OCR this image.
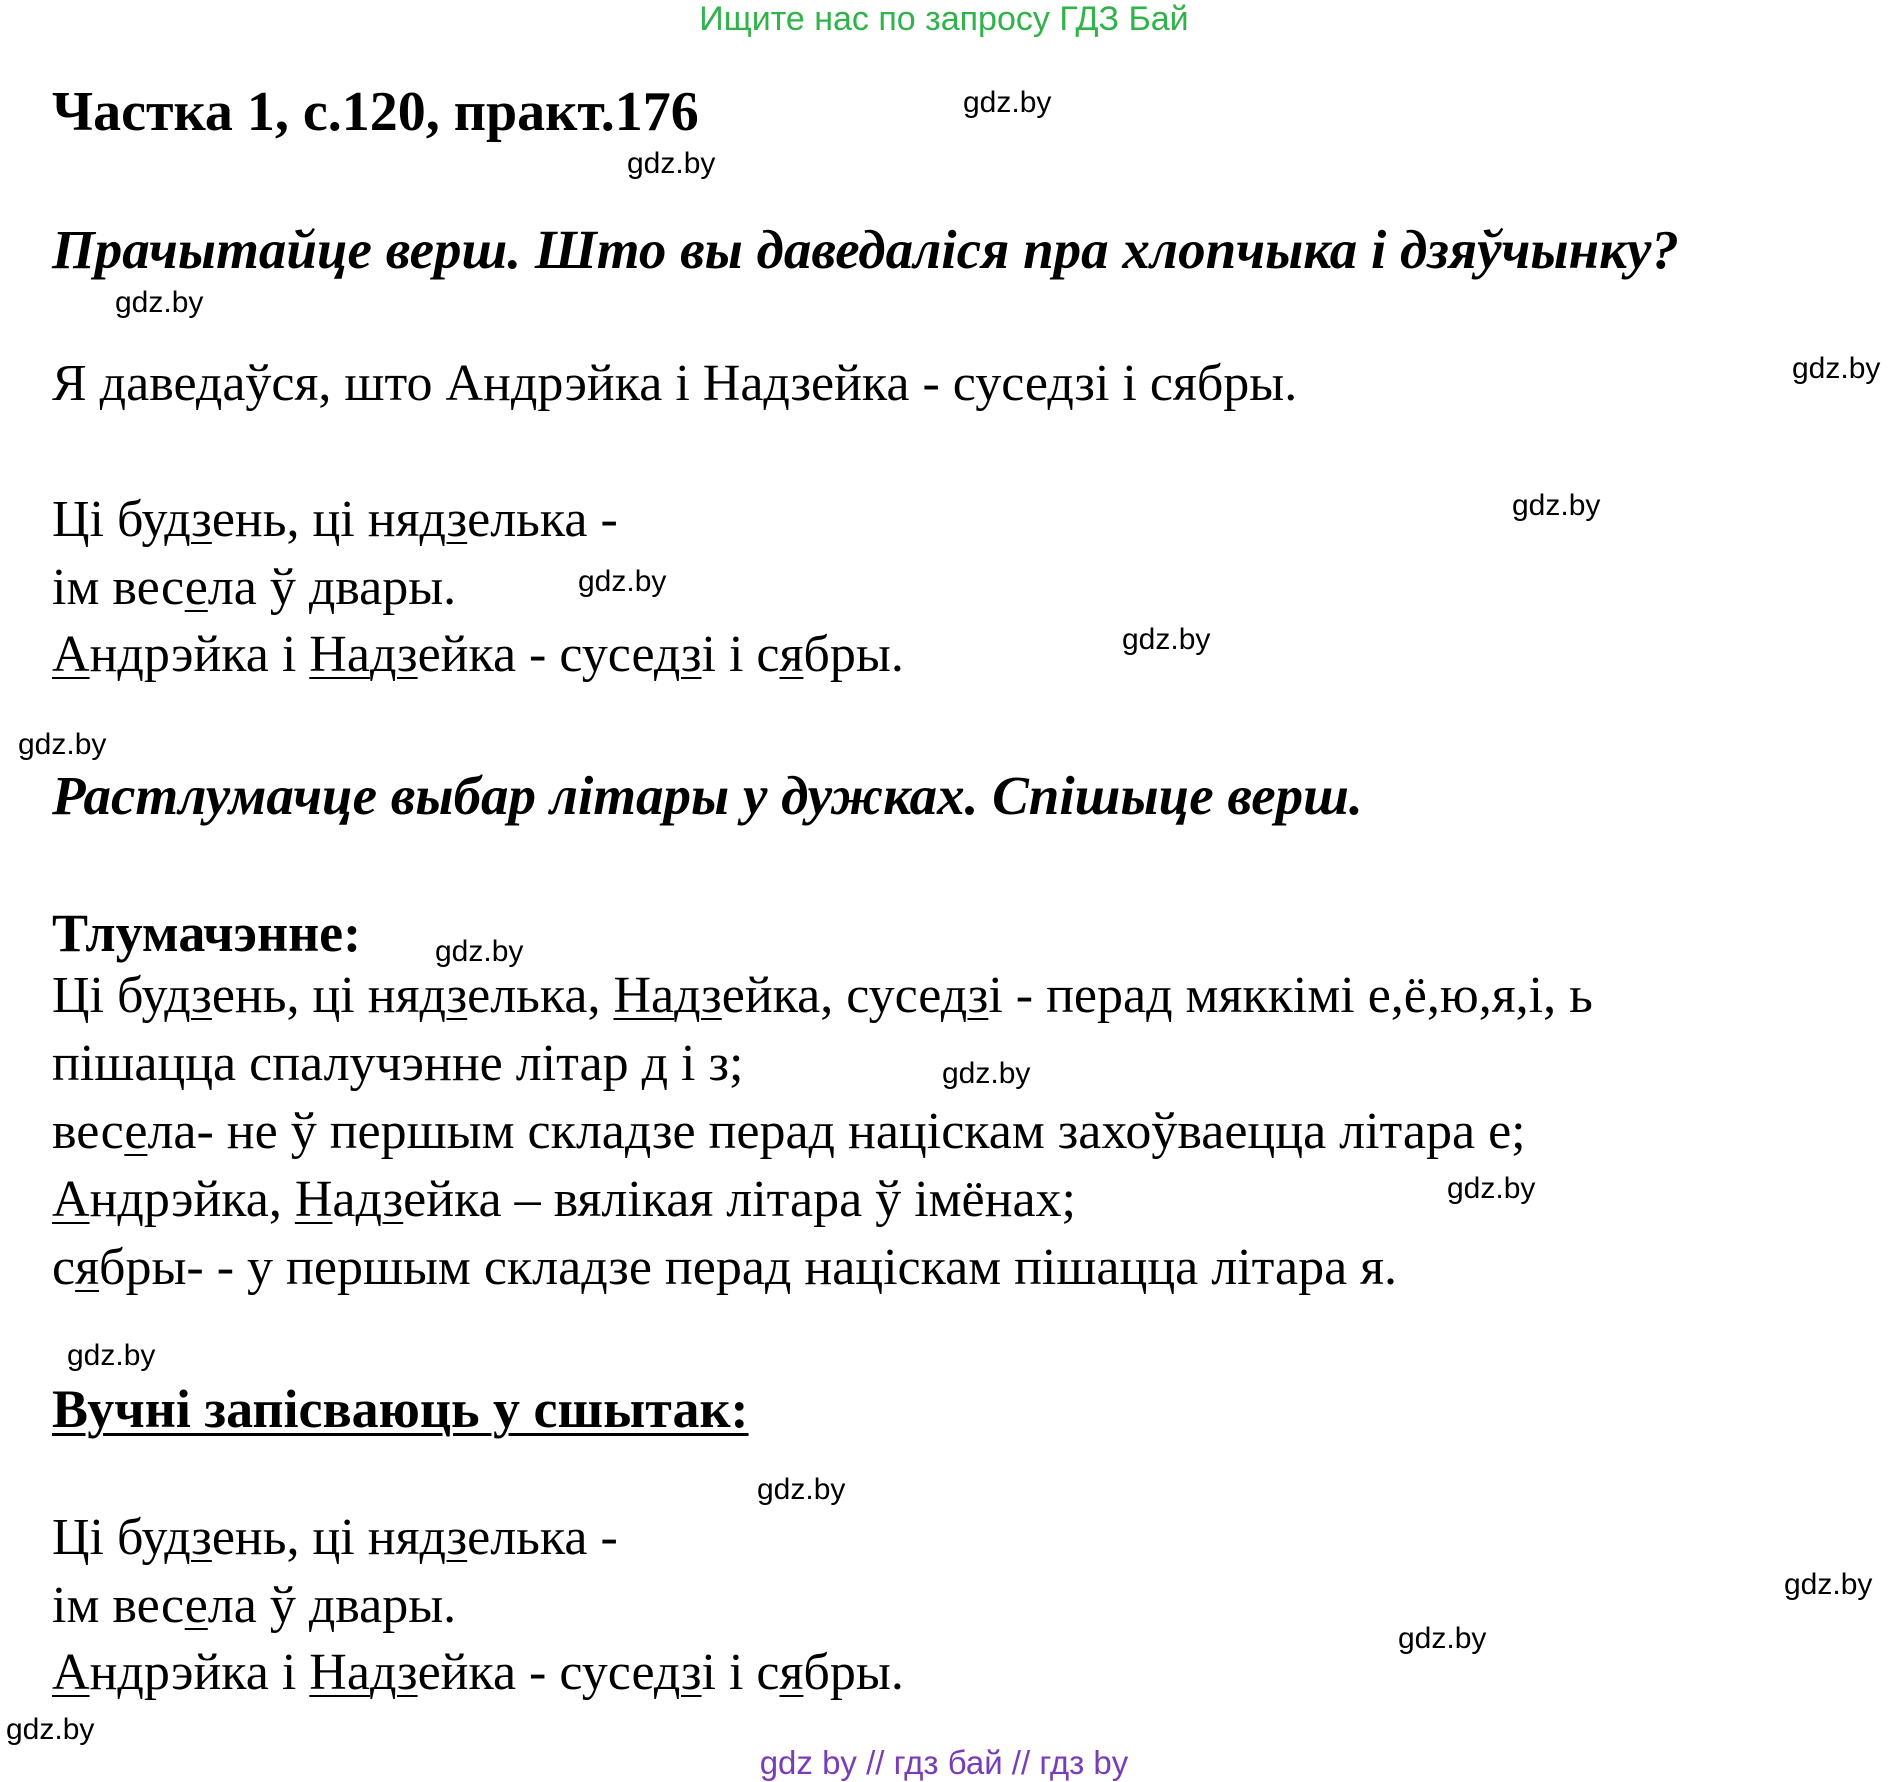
Ищите нас по запросу ГДЗ Бай
Частка 1, с.120, практ.176
Прачытайце верш. Што вы даведаліся пра хлопчыка і дзяўчынку?
Я даведаўся, што Андрэйка і Надзейка - суседзі і сябры.
Ці будзень, ці нядзелька -
ім весела ў двары.
Андрэйка і Надзейка - суседзі і сябры.
Растлумачце выбар літары у дужках. Спішыце верш.
Тлумачэнне:
Ці будзень, ці нядзелька, Надзейка, суседзі - перад мяккімі е,ё,ю,я,і, ь
пішацца спалучэнне літар д і з;
весела- не ў першым складзе перад націскам захоўваецца літара е;
Андрэйка, Надзейка – вялікая літара ў імёнах;
сябры- - у першым складзе перад націскам пішацца літара я.
Вучні запісваюць у сшытак:
Ці будзень, ці нядзелька -
ім весела ў двары.
Андрэйка і Надзейка - суседзі і сябры.
gdz.by
gdz.by
gdz.by
gdz.by
gdz.by
gdz.by
gdz.by
gdz.by
gdz.by
gdz.by
gdz.by
gdz.by
gdz.by
gdz.by
gdz.by
gdz.by
gdz by // гдз бай // гдз by
